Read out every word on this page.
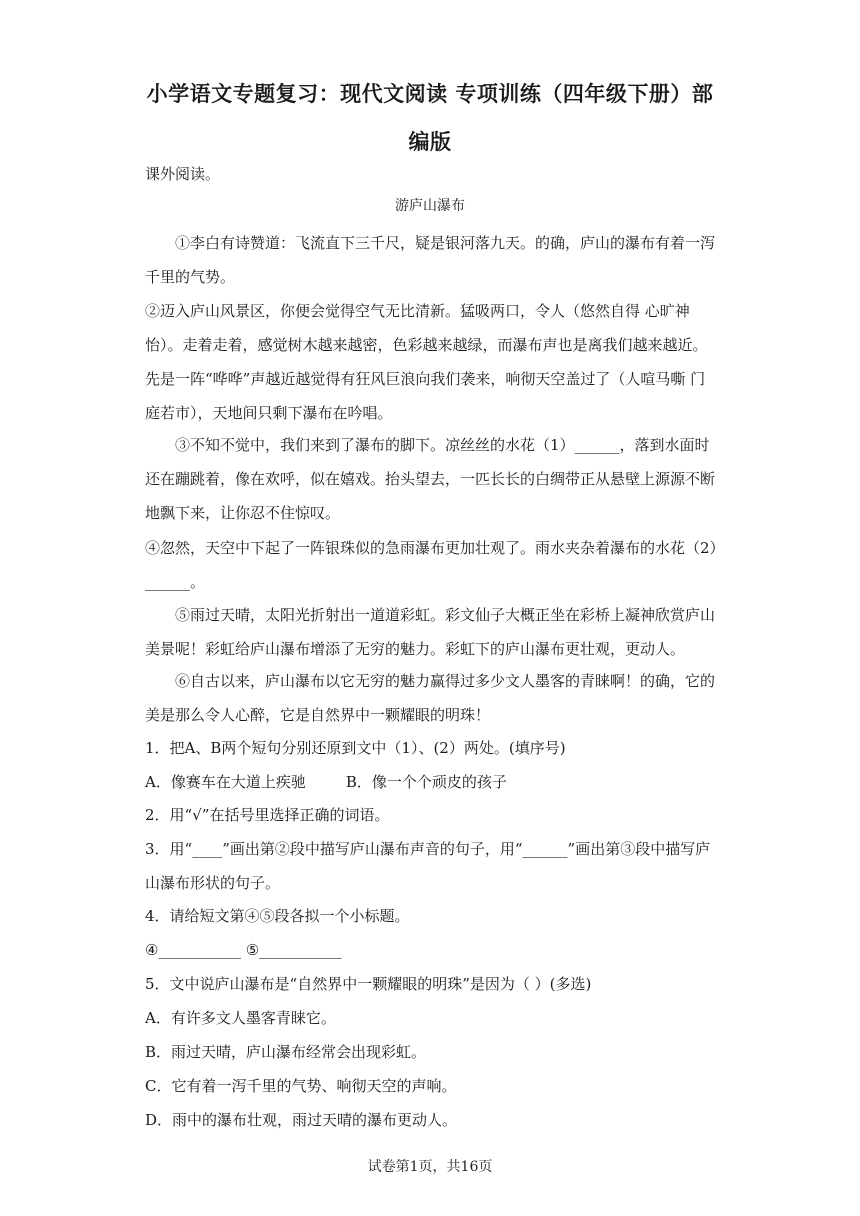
小学语文专题复习：现代文阅读 专项训练（四年级下册）部
编版
课外阅读。
游庐山瀑布
①李白有诗赞道：飞流直下三千尺，疑是银河落九天。的确，庐山的瀑布有着一泻千里的气势。
②迈入庐山风景区，你便会觉得空气无比清新。猛吸两口，令人（悠然自得 心旷神怡）。走着走着，感觉树木越来越密，色彩越来越绿，而瀑布声也是离我们越来越近。先是一阵“哗哗”声越近越觉得有狂风巨浪向我们袭来，响彻天空盖过了（人喧马嘶 门庭若市），天地间只剩下瀑布在吟唱。
③不知不觉中，我们来到了瀑布的脚下。凉丝丝的水花（1）______，落到水面时还在蹦跳着，像在欢呼，似在嬉戏。抬头望去，一匹长长的白绸带正从悬壁上源源不断地飘下来，让你忍不住惊叹。
④忽然，天空中下起了一阵银珠似的急雨瀑布更加壮观了。雨水夹杂着瀑布的水花（2）______。
⑤雨过天晴，太阳光折射出一道道彩虹。彩文仙子大概正坐在彩桥上凝神欣赏庐山美景呢！彩虹给庐山瀑布增添了无穷的魅力。彩虹下的庐山瀑布更壮观，更动人。
⑥自古以来，庐山瀑布以它无穷的魅力赢得过多少文人墨客的青睐啊！的确，它的美是那么令人心醉，它是自然界中一颗耀眼的明珠！
1．把A、B两个短句分别还原到文中（1）、(2）两处。(填序号)
A．像赛车在大道上疾驰	B．像一个个顽皮的孩子
2．用“√”在括号里选择正确的词语。
3．用“____”画出第②段中描写庐山瀑布声音的句子，用“______”画出第③段中描写庐山瀑布形状的句子。
4．请给短文第④⑤段各拟一个小标题。
④___________ ⑤___________
5．文中说庐山瀑布是“自然界中一颗耀眼的明珠”是因为（ ）(多选)
A．有许多文人墨客青睐它。
B．雨过天晴，庐山瀑布经常会出现彩虹。
C．它有着一泻千里的气势、响彻天空的声响。
D．雨中的瀑布壮观，雨过天晴的瀑布更动人。
试卷第1页，共16页
